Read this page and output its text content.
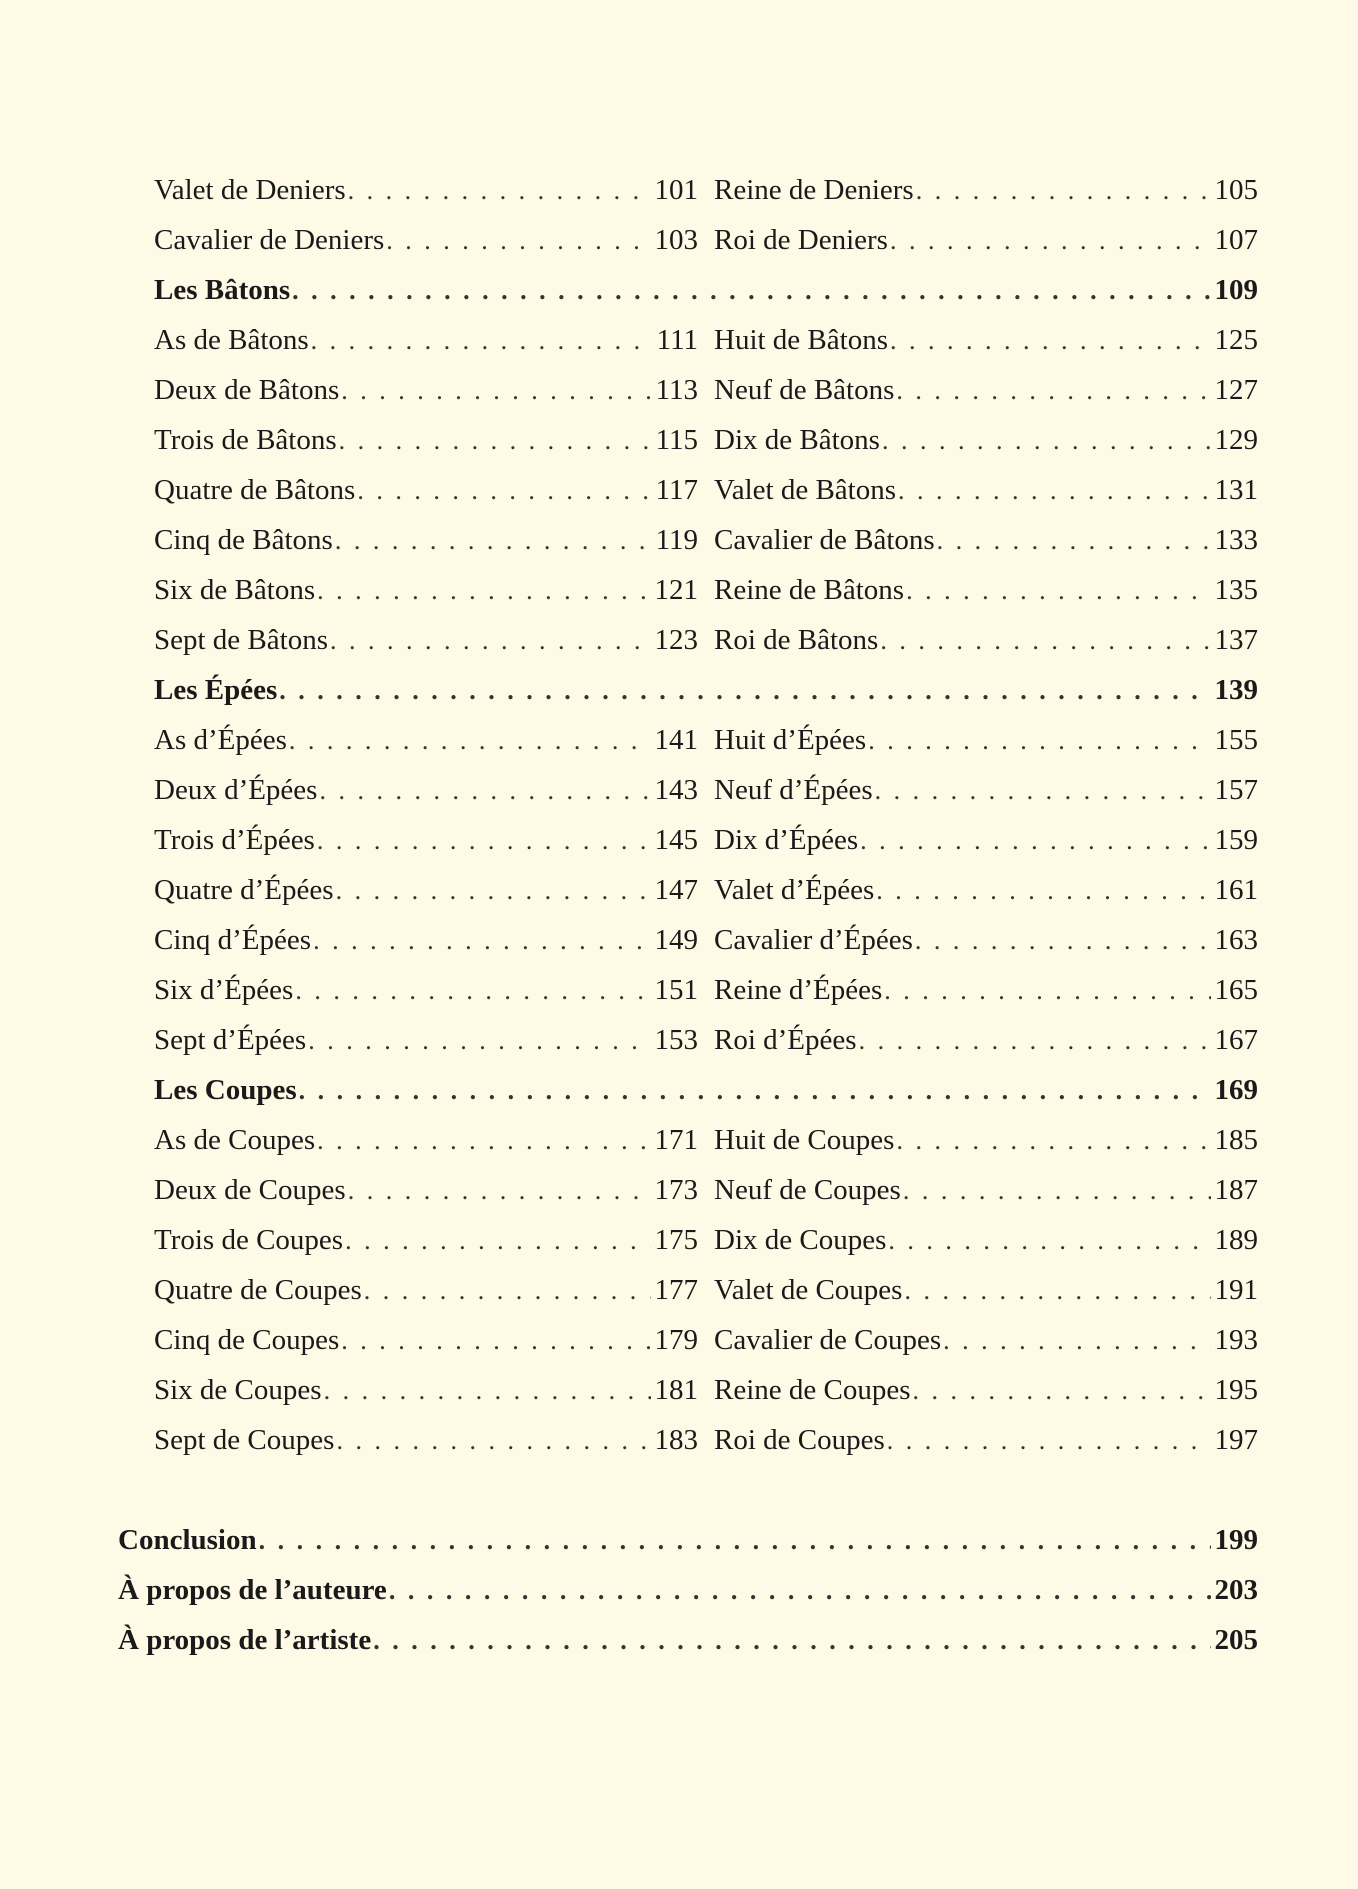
Valet de Deniers . . .	101 Reine de Deniers . . .	105
Cavalier de Deniers . . .	103 Roi de Deniers . . .	107
Les Bâtons . . .	109
As de Bâtons . . .	111 Huit de Bâtons . . .	125
Deux de Bâtons . . .	113 Neuf de Bâtons . . .	127
Trois de Bâtons . . .	115 Dix de Bâtons . . .	129
Quatre de Bâtons . . .	117 Valet de Bâtons . . .	131
Cinq de Bâtons . . .	119 Cavalier de Bâtons . . .	133
Six de Bâtons . . .	121 Reine de Bâtons . . .	135
Sept de Bâtons . . .	123 Roi de Bâtons . . .	137
Les Épées . . .	139
As d’Épées . . .	141 Huit d’Épées . . .	155
Deux d’Épées . . .	143 Neuf d’Épées . . .	157
Trois d’Épées . . .	145 Dix d’Épées . . .	159
Quatre d’Épées . . .	147 Valet d’Épées . . .	161
Cinq d’Épées . . .	149 Cavalier d’Épées . . .	163
Six d’Épées . . .	151 Reine d’Épées . . .	165
Sept d’Épées . . .	153 Roi d’Épées . . .	167
Les Coupes . . .	169
As de Coupes . . .	171 Huit de Coupes . . .	185
Deux de Coupes . . .	173 Neuf de Coupes . . .	187
Trois de Coupes . . .	175 Dix de Coupes . . .	189
Quatre de Coupes . . .	177 Valet de Coupes . . .	191
Cinq de Coupes . . .	179 Cavalier de Coupes . . .	193
Six de Coupes . . .	181 Reine de Coupes . . .	195
Sept de Coupes . . .	183 Roi de Coupes . . .	197
Conclusion . . .	199
À propos de l’auteure . . .	203
À propos de l’artiste . . .	205
